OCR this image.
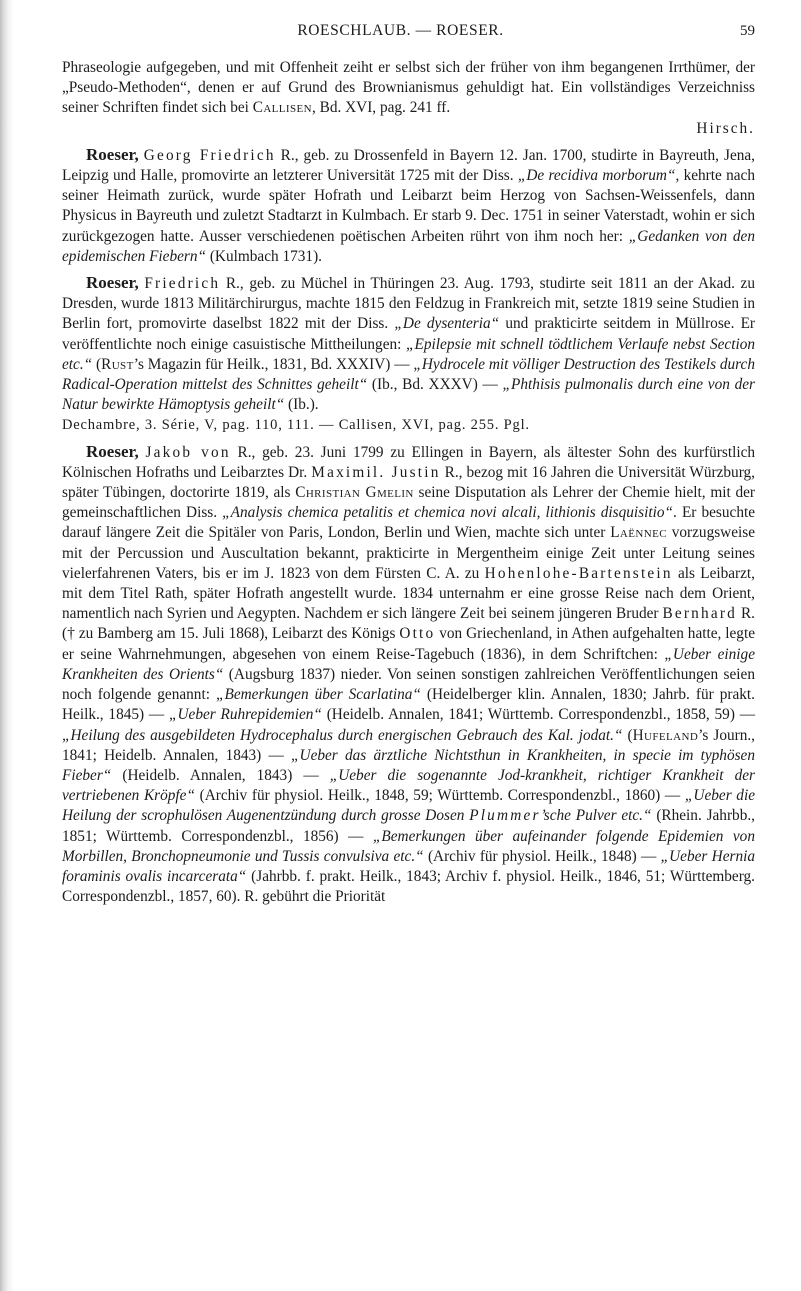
ROESCHLAUB. — ROESER.	59

Phraseologie aufgegeben, und mit Offenheit zeiht er selbst sich der früher von ihm begangenen Irrthümer, der „Pseudo-Methoden“, denen er auf Grund des Brownianismus gehuldigt hat. Ein vollständiges Verzeichniss seiner Schriften findet sich bei Callisen, Bd. XVI, pag. 241 ff.
Hirsch.

Roeser, Georg Friedrich R., geb. zu Drossenfeld in Bayern 12. Jan. 1700, studirte in Bayreuth, Jena, Leipzig und Halle, promovirte an letzterer Universität 1725 mit der Diss. „De recidiva morborum“, kehrte nach seiner Heimath zurück, wurde später Hofrath und Leibarzt beim Herzog von Sachsen-Weissenfels, dann Physicus in Bayreuth und zuletzt Stadtarzt in Kulmbach. Er starb 9. Dec. 1751 in seiner Vaterstadt, wohin er sich zurückgezogen hatte. Ausser verschiedenen poëtischen Arbeiten rührt von ihm noch her: „Gedanken von den epidemischen Fiebern“ (Kulmbach 1731).

Roeser, Friedrich R., geb. zu Müchel in Thüringen 23. Aug. 1793, studirte seit 1811 an der Akad. zu Dresden, wurde 1813 Militärchirurgus, machte 1815 den Feldzug in Frankreich mit, setzte 1819 seine Studien in Berlin fort, promovirte daselbst 1822 mit der Diss. „De dysenteria“ und prakticirte seitdem in Müllrose. Er veröffentlichte noch einige casuistische Mittheilungen: „Epilepsie mit schnell tödtlichem Verlaufe nebst Section etc.“ (Rust’s Magazin für Heilk., 1831, Bd. XXXIV) — „Hydrocele mit völliger Destruction des Testikels durch Radical-Operation mittelst des Schnittes geheilt“ (Ib., Bd. XXXV) — „Phthisis pulmonalis durch eine von der Natur bewirkte Hämoptysis geheilt“ (Ib.).
Dechambre, 3. Série, V, pag. 110, 111. — Callisen, XVI, pag. 255. Pgl.

Roeser, Jakob von R., geb. 23. Juni 1799 zu Ellingen in Bayern, als ältester Sohn des kurfürstlich Kölnischen Hofraths und Leibarztes Dr. Maximil. Justin R., bezog mit 16 Jahren die Universität Würzburg, später Tübingen, doctorirte 1819, als Christian Gmelin seine Disputation als Lehrer der Chemie hielt, mit der gemeinschaftlichen Diss. „Analysis chemica petalitis et chemica novi alcali, lithionis disquisitio“. Er besuchte darauf längere Zeit die Spitäler von Paris, London, Berlin und Wien, machte sich unter Laënnec vorzugsweise mit der Percussion und Auscultation bekannt, prakticirte in Mergentheim einige Zeit unter Leitung seines vielerfahrenen Vaters, bis er im J. 1823 von dem Fürsten C. A. zu Hohenlohe-Bartenstein als Leibarzt, mit dem Titel Rath, später Hofrath angestellt wurde. 1834 unternahm er eine grosse Reise nach dem Orient, namentlich nach Syrien und Aegypten. Nachdem er sich längere Zeit bei seinem jüngeren Bruder Bernhard R. († zu Bamberg am 15. Juli 1868), Leibarzt des Königs Otto von Griechenland, in Athen aufgehalten hatte, legte er seine Wahrnehmungen, abgesehen von einem Reise-Tagebuch (1836), in dem Schriftchen: „Ueber einige Krankheiten des Orients“ (Augsburg 1837) nieder. Von seinen sonstigen zahlreichen Veröffentlichungen seien noch folgende genannt: „Bemerkungen über Scarlatina“ (Heidelberger klin. Annalen, 1830; Jahrb. für prakt. Heilk., 1845) — „Ueber Ruhrepidemien“ (Heidelb. Annalen, 1841; Württemb. Correspondenzbl., 1858, 59) — „Heilung des ausgebildeten Hydrocephalus durch energischen Gebrauch des Kal. jodat.“ (Hufeland’s Journ., 1841; Heidelb. Annalen, 1843) — „Ueber das ärztliche Nichtsthun in Krankheiten, in specie im typhösen Fieber“ (Heidelb. Annalen, 1843) — „Ueber die sogenannte Jod-krankheit, richtiger Krankheit der vertriebenen Kröpfe“ (Archiv für physiol. Heilk., 1848, 59; Württemb. Correspondenzbl., 1860) — „Ueber die Heilung der scrophulösen Augenentzündung durch grosse Dosen Plummer’sche Pulver etc.“ (Rhein. Jahrbb., 1851; Württemb. Correspondenzbl., 1856) — „Bemerkungen über aufeinander folgende Epidemien von Morbillen, Bronchopneumonie und Tussis convulsiva etc.“ (Archiv für physiol. Heilk., 1848) — „Ueber Hernia foraminis ovalis incarcerata“ (Jahrbb. f. prakt. Heilk., 1843; Archiv f. physiol. Heilk., 1846, 51; Württemberg. Correspondenzbl., 1857, 60). R. gebührt die Priorität
